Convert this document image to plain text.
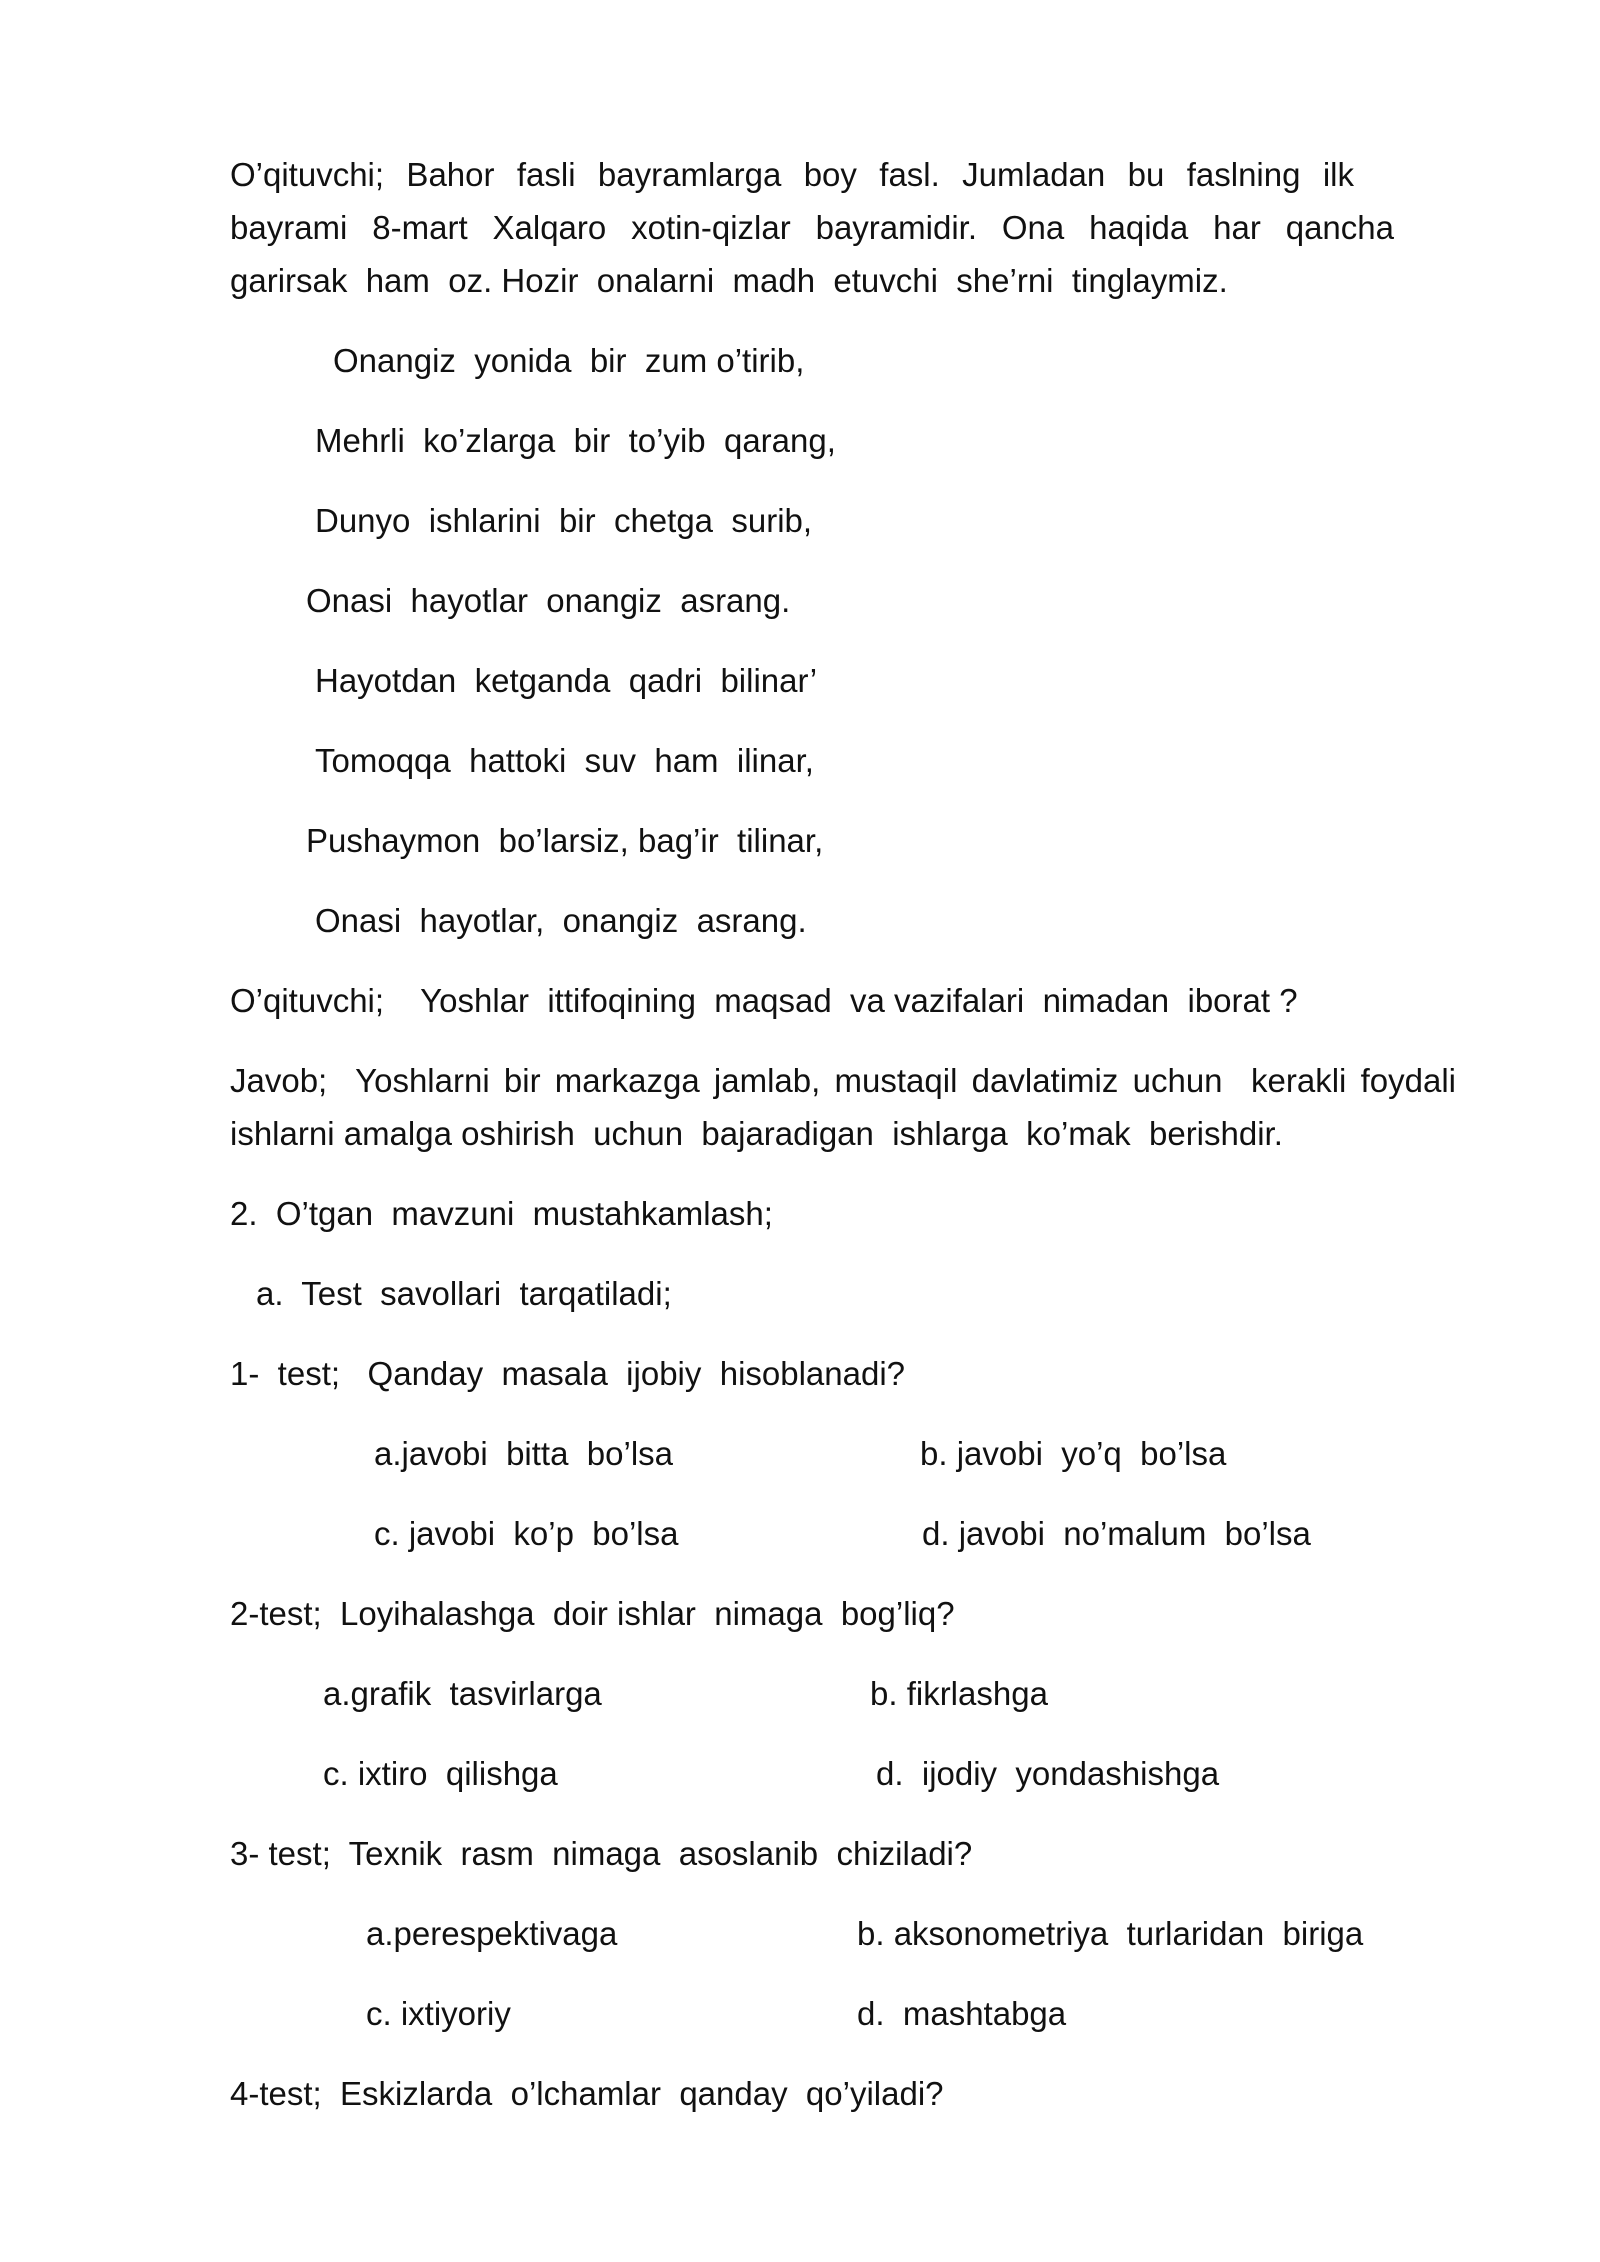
O’qituvchi;  Bahor  fasli  bayramlarga  boy  fasl.  Jumladan  bu  faslning  ilk

bayrami  8-mart  Xalqaro  xotin-qizlar  bayramidir.  Ona  haqida  har  qancha

garirsak  ham  oz. Hozir  onalarni  madh  etuvchi  she’rni  tinglaymiz.

Onangiz  yonida  bir  zum o’tirib,

Mehrli  ko’zlarga  bir  to’yib  qarang,

Dunyo  ishlarini  bir  chetga  surib,

Onasi  hayotlar  onangiz  asrang.

Hayotdan  ketganda  qadri  bilinar’

Tomoqqa  hattoki  suv  ham  ilinar,

Pushaymon  bo’larsiz, bag’ir  tilinar,

Onasi  hayotlar,  onangiz  asrang.

O’qituvchi;    Yoshlar  ittifoqining  maqsad  va vazifalari  nimadan  iborat ?

Javob;  Yoshlarni bir markazga jamlab, mustaqil davlatimiz uchun  kerakli foydali

ishlarni amalga oshirish  uchun  bajaradigan  ishlarga  ko’mak  berishdir.

2.  O’tgan  mavzuni  mustahkamlash;

a.  Test  savollari  tarqatiladi;

1-  test;   Qanday  masala  ijobiy  hisoblanadi?

a.javobi  bitta  bo’lsa	b. javobi  yo’q  bo’lsa

c. javobi  ko’p  bo’lsa	d. javobi  no’malum  bo’lsa

2-test;  Loyihalashga  doir ishlar  nimaga  bog’liq?

a.grafik  tasvirlarga	b. fikrlashga

c. ixtiro  qilishga	d.  ijodiy  yondashishga

3- test;  Texnik  rasm  nimaga  asoslanib  chiziladi?

a.perespektivaga	b. aksonometriya  turlaridan  biriga

c. ixtiyoriy	d.  mashtabga

4-test;  Eskizlarda  o’lchamlar  qanday  qo’yiladi?
